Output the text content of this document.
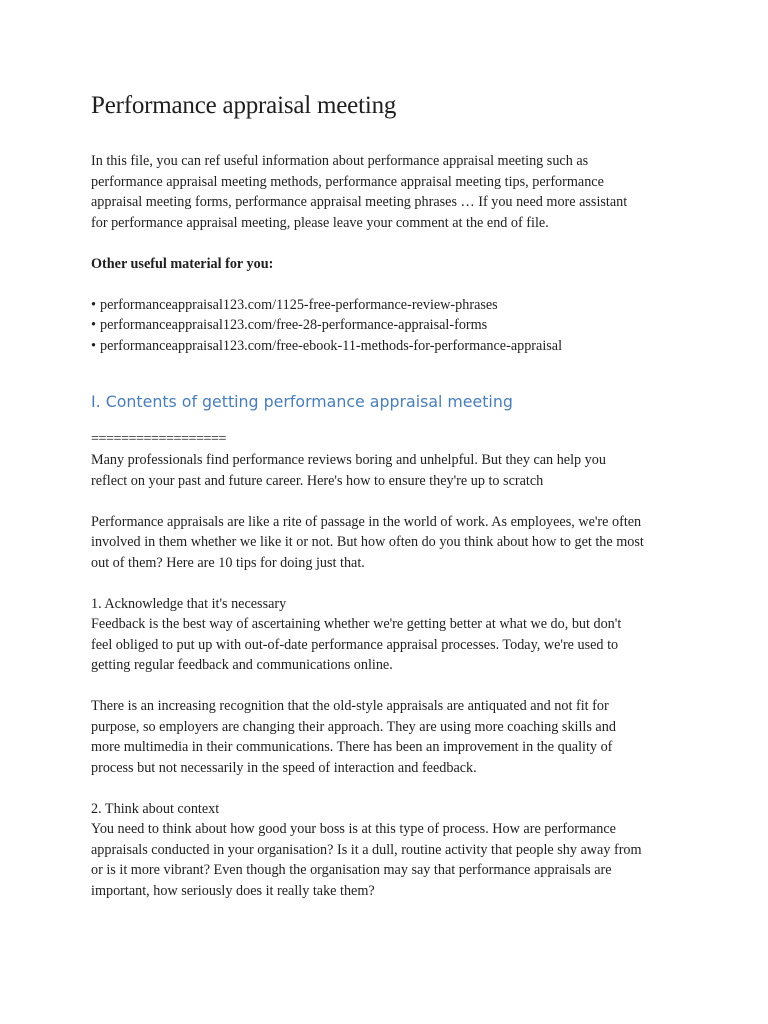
Performance appraisal meeting

In this file, you can ref useful information about performance appraisal meeting such as
performance appraisal meeting methods, performance appraisal meeting tips, performance
appraisal meeting forms, performance appraisal meeting phrases … If you need more assistant
for performance appraisal meeting, please leave your comment at the end of file.

Other useful material for you:

• performanceappraisal123.com/1125-free-performance-review-phrases
• performanceappraisal123.com/free-28-performance-appraisal-forms
• performanceappraisal123.com/free-ebook-11-methods-for-performance-appraisal
I. Contents of getting performance appraisal meeting

==================

Many professionals find performance reviews boring and unhelpful. But they can help you
reflect on your past and future career. Here's how to ensure they're up to scratch

Performance appraisals are like a rite of passage in the world of work. As employees, we're often
involved in them whether we like it or not. But how often do you think about how to get the most
out of them? Here are 10 tips for doing just that.

1. Acknowledge that it's necessary
Feedback is the best way of ascertaining whether we're getting better at what we do, but don't
feel obliged to put up with out-of-date performance appraisal processes. Today, we're used to
getting regular feedback and communications online.

There is an increasing recognition that the old-style appraisals are antiquated and not fit for
purpose, so employers are changing their approach. They are using more coaching skills and
more multimedia in their communications. There has been an improvement in the quality of
process but not necessarily in the speed of interaction and feedback.

2. Think about context
You need to think about how good your boss is at this type of process. How are performance
appraisals conducted in your organisation? Is it a dull, routine activity that people shy away from
or is it more vibrant? Even though the organisation may say that performance appraisals are
important, how seriously does it really take them?
